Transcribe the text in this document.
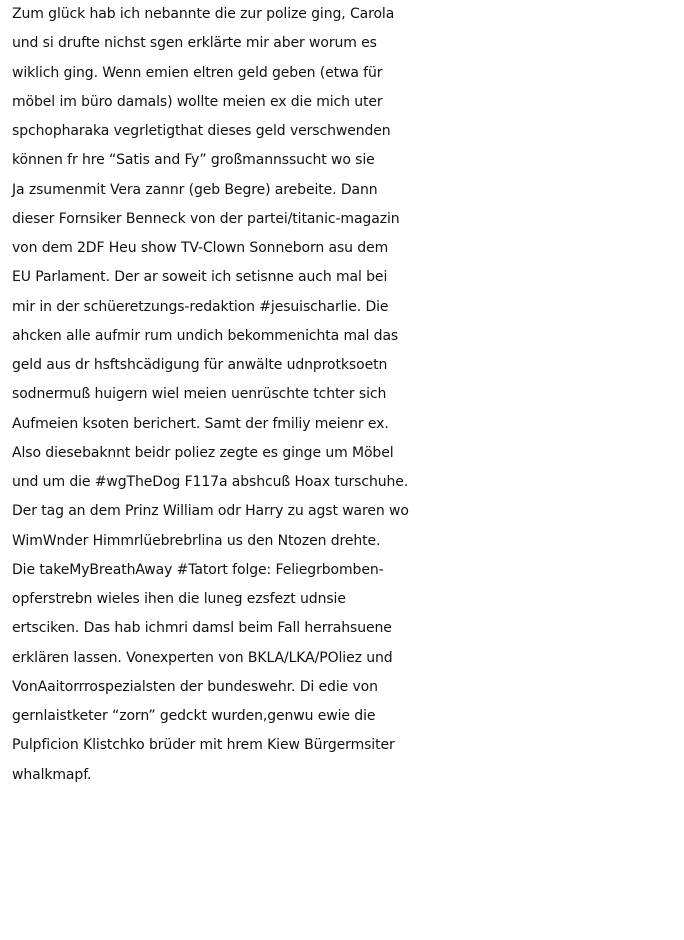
Zum glück hab ich nebannte die zur polize ging, Carola
und si drufte nichst sgen erklärte mir aber worum es
wiklich ging. Wenn emien eltren geld geben (etwa für
möbel im büro damals) wollte meien ex die mich uter
spchopharaka vegrletigthat dieses geld verschwenden
können fr hre “Satis and Fy” großmannssucht wo sie
Ja zsumenmit Vera zannr (geb Begre) arebeite. Dann
dieser Fornsiker Benneck von der partei/titanic-magazin
von dem 2DF Heu show TV-Clown Sonneborn asu dem
EU Parlament. Der ar soweit ich setisnne auch mal bei
mir in der schüeretzungs-redaktion #jesuischarlie. Die
ahcken alle aufmir rum undich bekommenichta mal das
geld aus dr hsftshcädigung für anwälte udnprotksoetn
sodnermuß huigern wiel meien uenrüschte tchter sich
Aufmeien ksoten berichert. Samt der fmiliy meienr ex.
Also diesebaknnt beidr poliez zegte es ginge um Möbel
und um die #wgTheDog F117a abshcuß Hoax turschuhe.
Der tag an dem Prinz William odr Harry zu agst waren wo
WimWnder Himmrlüebrebrlina us den Ntozen drehte.
Die takeMyBreathAway #Tatort folge: Feliegrbomben-
opferstrebn wieles ihen die luneg ezsfezt udnsie
ertsciken. Das hab ichmri damsl beim Fall herrahsuene
erklären lassen. Vonexperten von BKLA/LKA/POliez und
VonAaitorrrospezialsten der bundeswehr. Di edie von
gernlaistketer “zorn” gedckt wurden,genwu ewie die
Pulpficion Klistchko brüder mit hrem Kiew Bürgermsiter
whalkmapf.
